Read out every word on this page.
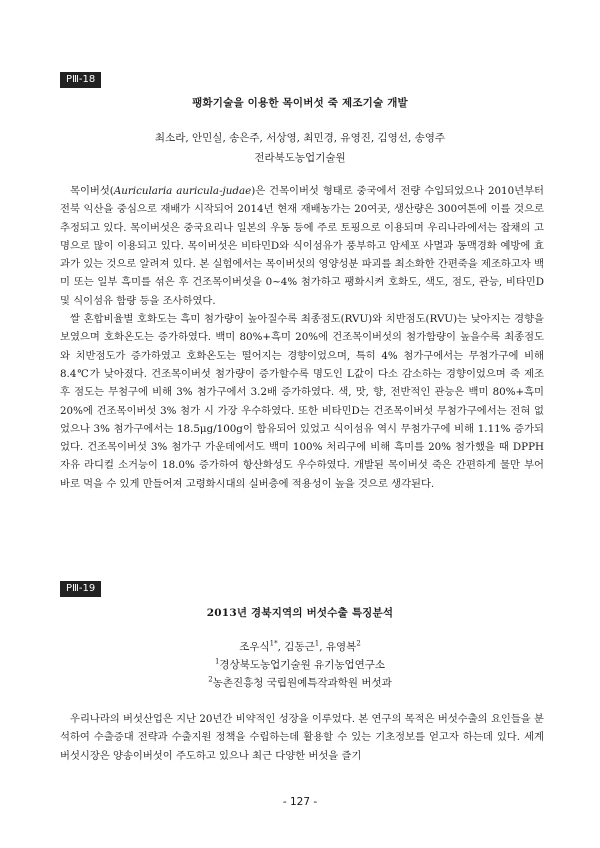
PⅢ-18
팽화기술을 이용한 목이버섯 죽 제조기술 개발
최소라, 안민실, 송은주, 서상영, 최민경, 유영진, 김영선, 송영주
전라북도농업기술원

목이버섯(Auricularia auricula-judae)은 건목이버섯 형태로 중국에서 전량 수입되었으나 2010년부터 전북 익산을 중심으로 재배가 시작되어 2014년 현재 재배농가는 20여곳, 생산량은 300여톤에 이를 것으로 추정되고 있다. 목이버섯은 중국요리나 일본의 우동 등에 주로 토핑으로 이용되며 우리나라에서는 잡채의 고명으로 많이 이용되고 있다. 목이버섯은 비타민D와 식이섬유가 풍부하고 암세포 사멸과 동맥경화 예방에 효과가 있는 것으로 알려져 있다. 본 실험에서는 목이버섯의 영양성분 파괴를 최소화한 간편죽을 제조하고자 백미 또는 일부 흑미를 섞은 후 건조목이버섯을 0~4% 첨가하고 팽화시켜 호화도, 색도, 점도, 관능, 비타민D 및 식이섬유 함량 등을 조사하였다.

쌀 혼합비율별 호화도는 흑미 첨가량이 높아질수록 최종점도(RVU)와 치반점도(RVU)는 낮아지는 경향을 보였으며 호화온도는 증가하였다. 백미 80%+흑미 20%에 건조목이버섯의 첨가함량이 높을수록 최종점도와 치반점도가 증가하였고 호화온도는 떨어지는 경향이었으며, 특히 4% 첨가구에서는 무첨가구에 비해 8.4℃가 낮아졌다. 건조목이버섯 첨가량이 증가할수록 명도인 L값이 다소 감소하는 경향이었으며 죽 제조 후 점도는 무첨구에 비해 3% 첨가구에서 3.2배 증가하였다. 색, 맛, 향, 전반적인 관능은 백미 80%+흑미 20%에 건조목이버섯 3% 첨가 시 가장 우수하였다. 또한 비타민D는 건조목이버섯 무첨가구에서는 전혀 없었으나 3% 첨가구에서는 18.5μg/100g이 함유되어 있었고 식이섬유 역시 무첨가구에 비해 1.11% 증가되었다. 건조목이버섯 3% 첨가구 가운데에서도 백미 100% 처리구에 비해 흑미를 20% 첨가했을 때 DPPH 자유 라디컬 소거능이 18.0% 증가하여 항산화성도 우수하였다. 개발된 목이버섯 죽은 간편하게 물만 부어 바로 먹을 수 있게 만들어져 고령화시대의 실버층에 적용성이 높을 것으로 생각된다.

PⅢ-19
2013년 경북지역의 버섯수출 특징분석
조우식$^{1*}$, 김동근$^1$, 유영복$^2$
$^1$경상북도농업기술원 유기농업연구소
$^2$농촌진흥청 국립원예특작과학원 버섯과

우리나라의 버섯산업은 지난 20년간 비약적인 성장을 이루었다. 본 연구의 목적은 버섯수출의 요인들을 분석하여 수출증대 전략과 수출지원 정책을 수립하는데 활용할 수 있는 기초정보를 얻고자 하는데 있다. 세계 버섯시장은 양송이버섯이 주도하고 있으나 최근 다양한 버섯을 즐기

- 127 -
